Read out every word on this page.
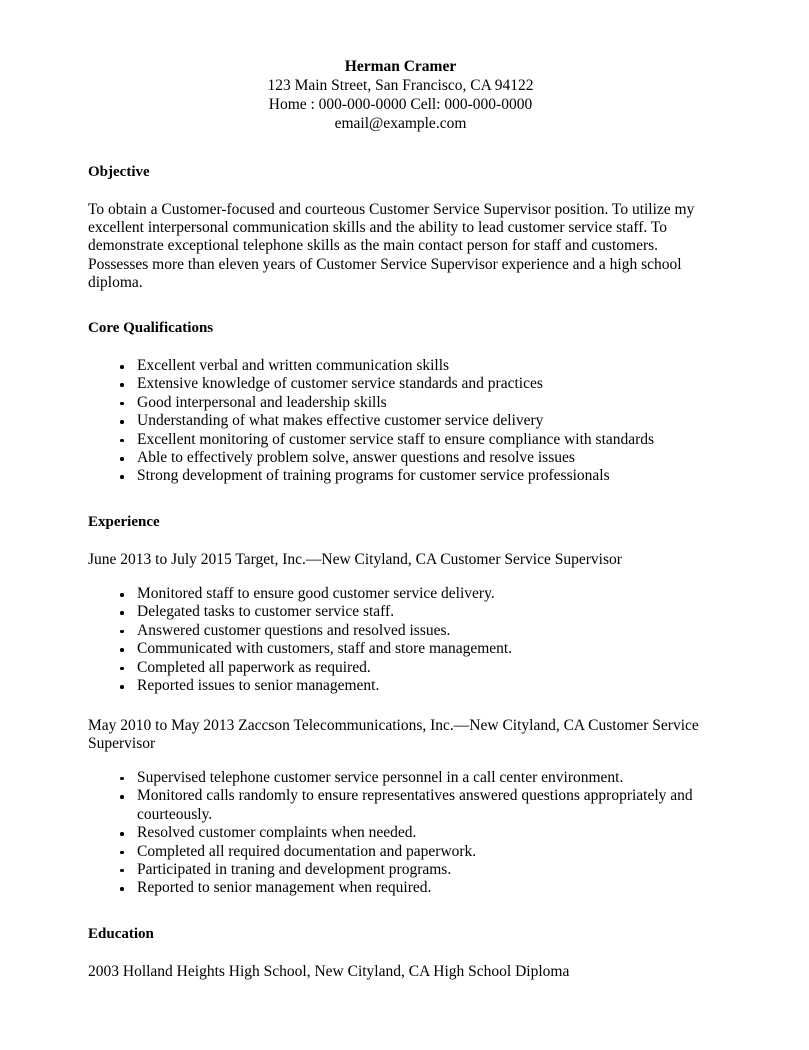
Herman Cramer
123 Main Street, San Francisco, CA 94122
Home : 000-000-0000 Cell: 000-000-0000
email@example.com
Objective

To obtain a Customer-focused and courteous Customer Service Supervisor position. To utilize my excellent interpersonal communication skills and the ability to lead customer service staff. To demonstrate exceptional telephone skills as the main contact person for staff and customers. Possesses more than eleven years of Customer Service Supervisor experience and a high school diploma.

Core Qualifications
Excellent verbal and written communication skills
Extensive knowledge of customer service standards and practices
Good interpersonal and leadership skills
Understanding of what makes effective customer service delivery
Excellent monitoring of customer service staff to ensure compliance with standards
Able to effectively problem solve, answer questions and resolve issues
Strong development of training programs for customer service professionals
Experience

June 2013 to July 2015 Target, Inc.—New Cityland, CA Customer Service Supervisor

Monitored staff to ensure good customer service delivery.
Delegated tasks to customer service staff.
Answered customer questions and resolved issues.
Communicated with customers, staff and store management.
Completed all paperwork as required.
Reported issues to senior management.

May 2010 to May 2013 Zaccson Telecommunications, Inc.—New Cityland, CA Customer Service Supervisor

Supervised telephone customer service personnel in a call center environment.
Monitored calls randomly to ensure representatives answered questions appropriately and courteously.
Resolved customer complaints when needed.
Completed all required documentation and paperwork.
Participated in traning and development programs.
Reported to senior management when required.
Education

2003 Holland Heights High School, New Cityland, CA High School Diploma
